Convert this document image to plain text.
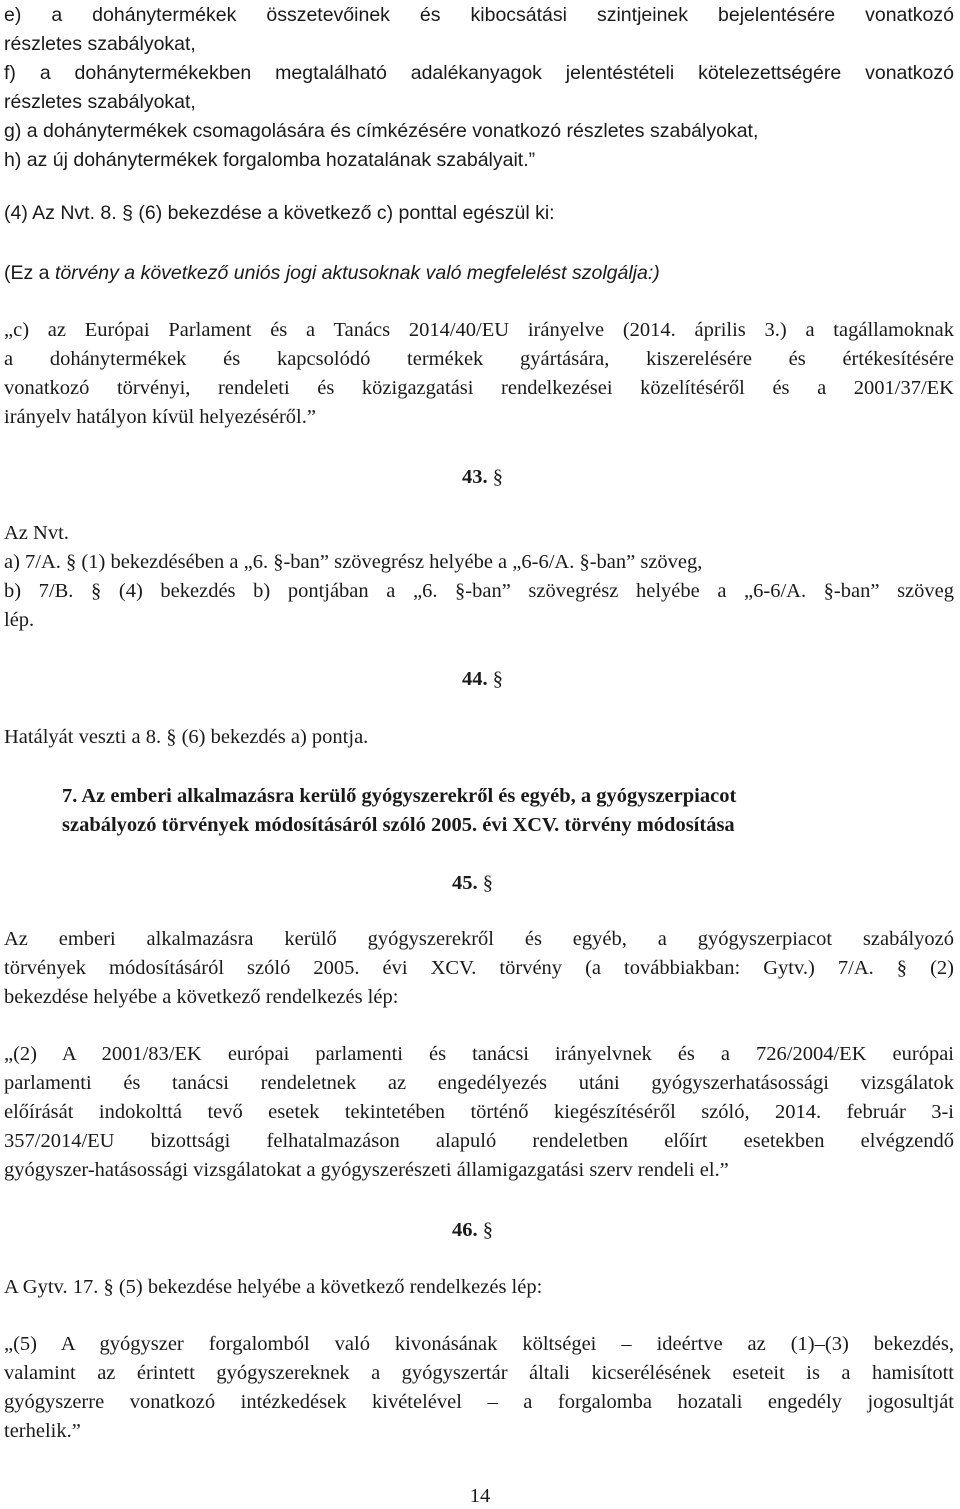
e) a dohánytermékek összetevőinek és kibocsátási szintjeinek bejelentésére vonatkozó
részletes szabályokat,
f) a dohánytermékekben megtalálható adalékanyagok jelentéstételi kötelezettségére vonatkozó
részletes szabályokat,
g) a dohánytermékek csomagolására és címkézésére vonatkozó részletes szabályokat,
h) az új dohánytermékek forgalomba hozatalának szabályait.”
(4) Az Nvt. 8. § (6) bekezdése a következő c) ponttal egészül ki:
(Ez a törvény a következő uniós jogi aktusoknak való megfelelést szolgálja:)
„c) az Európai Parlament és a Tanács 2014/40/EU irányelve (2014. április 3.) a tagállamoknak
a dohánytermékek és kapcsolódó termékek gyártására, kiszerelésére és értékesítésére
vonatkozó törvényi, rendeleti és közigazgatási rendelkezései közelítéséről és a 2001/37/EK
irányelv hatályon kívül helyezéséről.”
43. §
Az Nvt.
a) 7/A. § (1) bekezdésében a „6. §-ban” szövegrész helyébe a „6-6/A. §-ban” szöveg,
b) 7/B. § (4) bekezdés b) pontjában a „6. §-ban” szövegrész helyébe a „6-6/A. §-ban” szöveg
lép.
44. §
Hatályát veszti a 8. § (6) bekezdés a) pontja.
7. Az emberi alkalmazásra kerülő gyógyszerekről és egyéb, a gyógyszerpiacot
szabályozó törvények módosításáról szóló 2005. évi XCV. törvény módosítása
45. §
Az emberi alkalmazásra kerülő gyógyszerekről és egyéb, a gyógyszerpiacot szabályozó
törvények módosításáról szóló 2005. évi XCV. törvény (a továbbiakban: Gytv.) 7/A. § (2)
bekezdése helyébe a következő rendelkezés lép:
„(2) A 2001/83/EK európai parlamenti és tanácsi irányelvnek és a 726/2004/EK európai
parlamenti és tanácsi rendeletnek az engedélyezés utáni gyógyszerhatásossági vizsgálatok
előírását indokolttá tevő esetek tekintetében történő kiegészítéséről szóló, 2014. február 3-i
357/2014/EU bizottsági felhatalmazáson alapuló rendeletben előírt esetekben elvégzendő
gyógyszer-hatásossági vizsgálatokat a gyógyszerészeti államigazgatási szerv rendeli el.”
46. §
A Gytv. 17. § (5) bekezdése helyébe a következő rendelkezés lép:
„(5) A gyógyszer forgalomból való kivonásának költségei – ideértve az (1)–(3) bekezdés,
valamint az érintett gyógyszereknek a gyógyszertár általi kicserélésének eseteit is a hamisított
gyógyszerre vonatkozó intézkedések kivételével – a forgalomba hozatali engedély jogosultját
terhelik.”
14
